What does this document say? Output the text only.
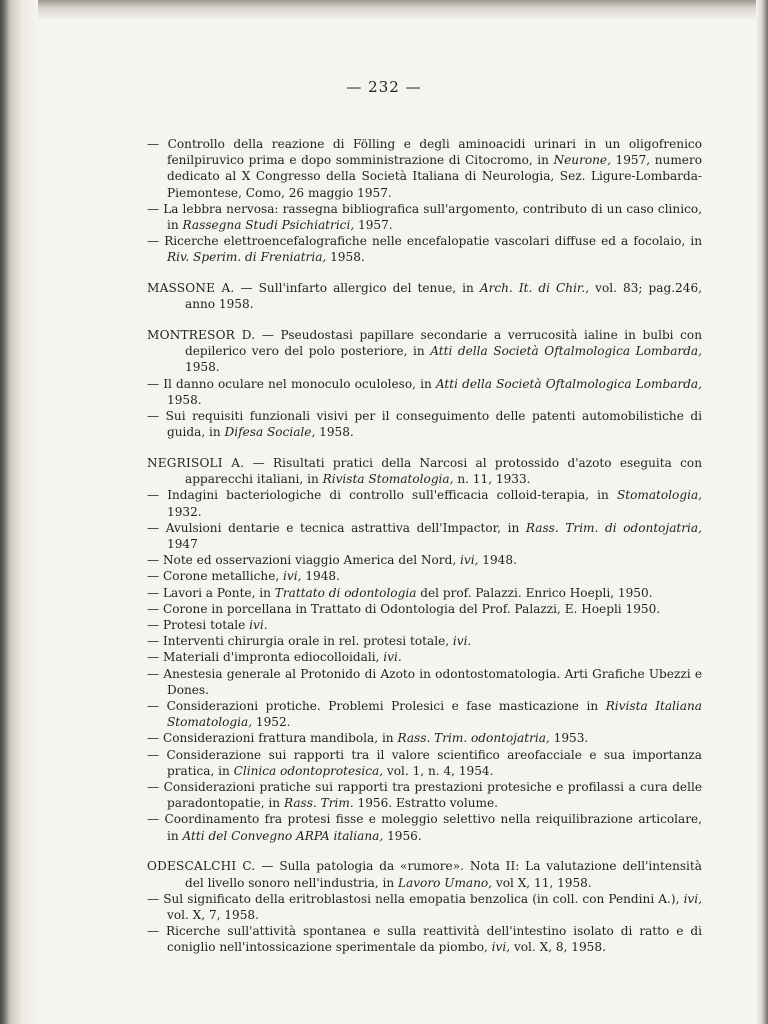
— 232 —
— Controllo della reazione di Fölling e degli aminoacidi urinari in un oligofrenico fenilpiruvico prima e dopo somministrazione di Citocromo, in Neurone, 1957, numero dedicato al X Congresso della Società Italiana di Neurologia, Sez. Ligure-Lombarda-Piemontese, Como, 26 maggio 1957.
— La lebbra nervosa: rassegna bibliografica sull'argomento, contributo di un caso clinico, in Rassegna Studi Psichiatrici, 1957.
— Ricerche elettroencefalografiche nelle encefalopatie vascolari diffuse ed a focolaio, in Riv. Sperim. di Freniatria, 1958.
MASSONE A. — Sull'infarto allergico del tenue, in Arch. It. di Chir., vol. 83; pag.246, anno 1958.
MONTRESOR D. — Pseudostasi papillare secondarie a verrucosità ialine in bulbi con depilerico vero del polo posteriore, in Atti della Società Oftalmologica Lombarda, 1958.
— Il danno oculare nel monoculo oculoleso, in Atti della Società Oftalmologica Lombarda, 1958.
— Sui requisiti funzionali visivi per il conseguimento delle patenti automobilistiche di guida, in Difesa Sociale, 1958.
NEGRISOLI A. — Risultati pratici della Narcosi al protossido d'azoto eseguita con apparecchi italiani, in Rivista Stomatologia, n. 11, 1933.
— Indagini bacteriologiche di controllo sull'efficacia colloid-terapia, in Stomatologia, 1932.
— Avulsioni dentarie e tecnica astrattiva dell'Impactor, in Rass. Trim. di odontojatria, 1947
— Note ed osservazioni viaggio America del Nord, ivi, 1948.
— Corone metalliche, ivi, 1948.
— Lavori a Ponte, in Trattato di odontologia del prof. Palazzi. Enrico Hoepli, 1950.
— Corone in porcellana in Trattato di Odontologia del Prof. Palazzi, E. Hoepli 1950.
— Protesi totale ivi.
— Interventi chirurgia orale in rel. protesi totale, ivi.
— Materiali d'impronta ediocolloidali, ivi.
— Anestesia generale al Protonido di Azoto in odontostomatologia. Arti Grafiche Ubezzi e Dones.
— Considerazioni protiche. Problemi Prolesici e fase masticazione in Rivista Italiana Stomatologia, 1952.
— Considerazioni frattura mandibola, in Rass. Trim. odontojatria, 1953.
— Considerazione sui rapporti tra il valore scientifico areofacciale e sua importanza pratica, in Clinica odontoprotesica, vol. 1, n. 4, 1954.
— Considerazioni pratiche sui rapporti tra prestazioni protesiche e profilassi a cura delle paradontopatie, in Rass. Trim. 1956. Estratto volume.
— Coordinamento fra protesi fisse e moleggio selettivo nella reiquilibrazione articolare, in Atti del Convegno ARPA italiana, 1956.
ODESCALCHI C. — Sulla patologia da «rumore». Nota II: La valutazione dell'intensità del livello sonoro nell'industria, in Lavoro Umano, vol X, 11, 1958.
— Sul significato della eritroblastosi nella emopatia benzolica (in coll. con Pendini A.), ivi, vol. X, 7, 1958.
— Ricerche sull'attività spontanea e sulla reattività dell'intestino isolato di ratto e di coniglio nell'intossicazione sperimentale da piombo, ivi, vol. X, 8, 1958.
